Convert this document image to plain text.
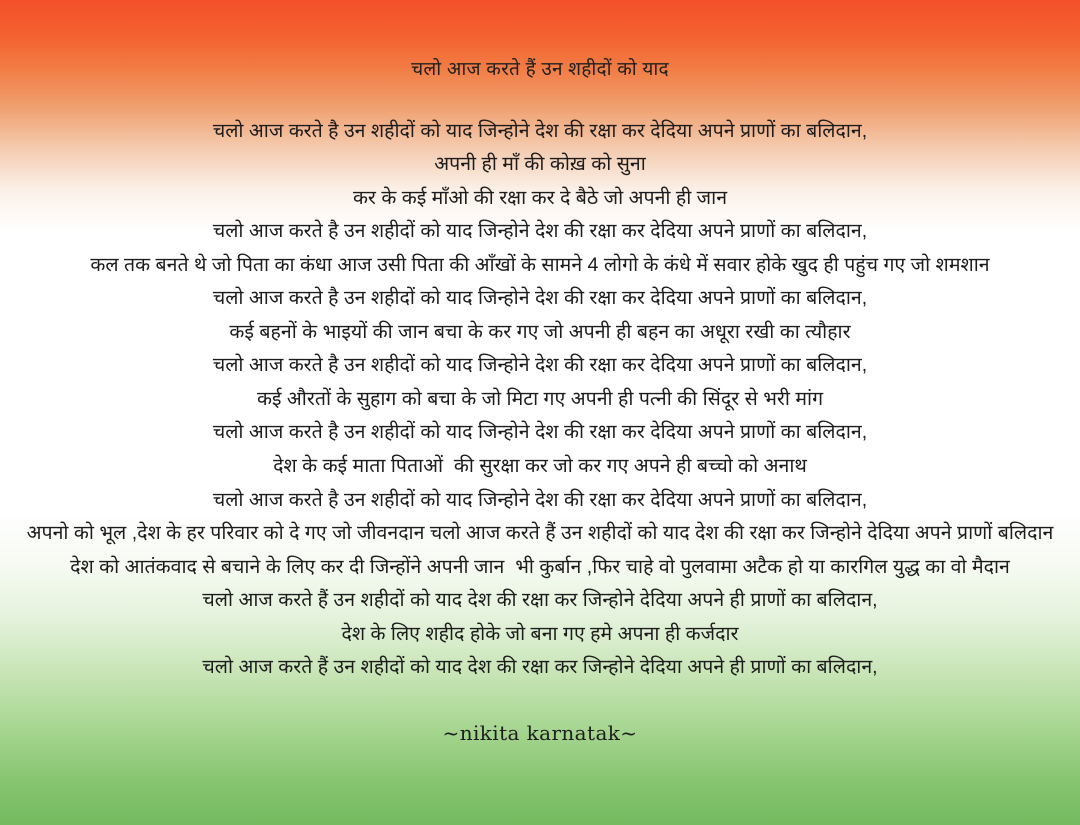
चलो आज करते हैं उन शहीदों को याद
चलो आज करते है उन शहीदों को याद जिन्होने देश की रक्षा कर देदिया अपने प्राणों का बलिदान,
अपनी ही माँ की कोख़ को सुना
कर के कई माँओ की रक्षा कर दे बैठे जो अपनी ही जान
चलो आज करते है उन शहीदों को याद जिन्होने देश की रक्षा कर देदिया अपने प्राणों का बलिदान,
कल तक बनते थे जो पिता का कंधा आज उसी पिता की आँखों के सामने 4 लोगो के कंधे में सवार होके खुद ही पहुंच गए जो शमशान
चलो आज करते है उन शहीदों को याद जिन्होने देश की रक्षा कर देदिया अपने प्राणों का बलिदान,
कई बहनों के भाइयों की जान बचा के कर गए जो अपनी ही बहन का अधूरा रखी का त्यौहार
चलो आज करते है उन शहीदों को याद जिन्होने देश की रक्षा कर देदिया अपने प्राणों का बलिदान,
कई औरतों के सुहाग को बचा के जो मिटा गए अपनी ही पत्नी की सिंदूर से भरी मांग
चलो आज करते है उन शहीदों को याद जिन्होने देश की रक्षा कर देदिया अपने प्राणों का बलिदान,
देश के कई माता पिताओं  की सुरक्षा कर जो कर गए अपने ही बच्चो को अनाथ
चलो आज करते है उन शहीदों को याद जिन्होने देश की रक्षा कर देदिया अपने प्राणों का बलिदान,
अपनो को भूल ,देश के हर परिवार को दे गए जो जीवनदान चलो आज करते हैं उन शहीदों को याद देश की रक्षा कर जिन्होने देदिया अपने प्राणों बलिदान
देश को आतंकवाद से बचाने के लिए कर दी जिन्होंने अपनी जान  भी कुर्बान ,फिर चाहे वो पुलवामा अटैक हो या कारगिल युद्ध का वो मैदान
चलो आज करते हैं उन शहीदों को याद देश की रक्षा कर जिन्होने देदिया अपने ही प्राणों का बलिदान,
देश के लिए शहीद होके जो बना गए हमे अपना ही कर्जदार
चलो आज करते हैं उन शहीदों को याद देश की रक्षा कर जिन्होने देदिया अपने ही प्राणों का बलिदान,
~nikita karnatak~
